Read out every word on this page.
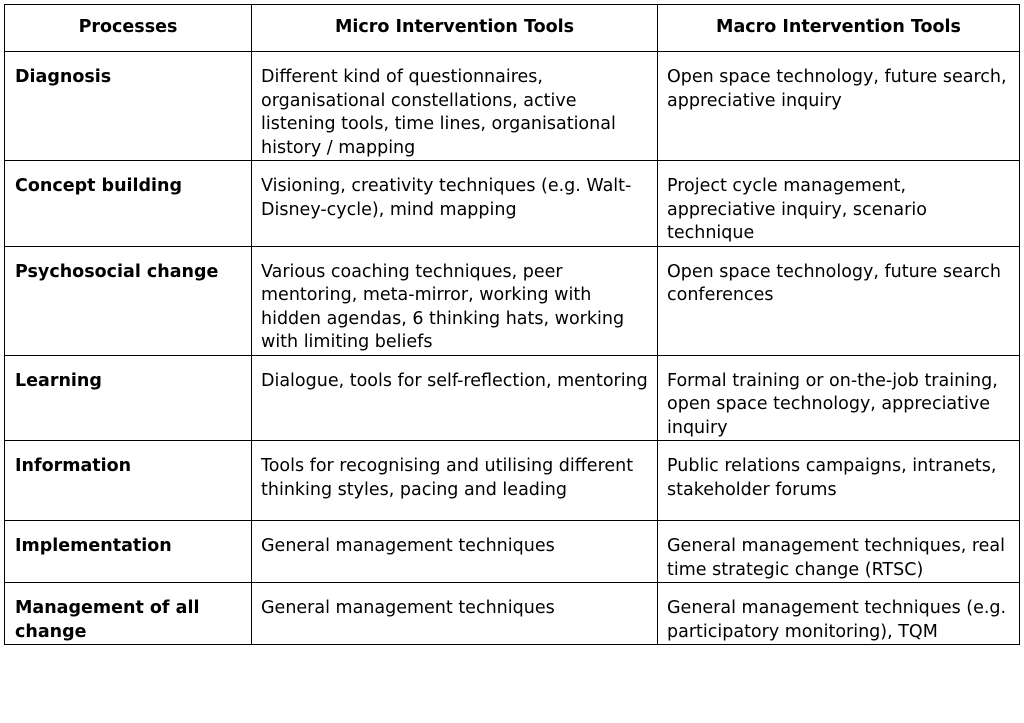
Processes	Micro Intervention Tools	Macro Intervention Tools
Diagnosis	Different kind of questionnaires, organisational constellations, active listening tools, time lines, organisational history / mapping	Open space technology, future search, appreciative inquiry
Concept building	Visioning, creativity techniques (e.g. Walt-Disney-cycle), mind mapping	Project cycle management, appreciative inquiry, scenario technique
Psychosocial change	Various coaching techniques, peer mentoring, meta-mirror, working with hidden agendas, 6 thinking hats, working with limiting beliefs	Open space technology, future search conferences
Learning	Dialogue, tools for self-reflection, mentoring	Formal training or on-the-job training, open space technology, appreciative inquiry
Information	Tools for recognising and utilising different thinking styles, pacing and leading	Public relations campaigns, intranets, stakeholder forums
Implementation	General management techniques	General management techniques, real time strategic change (RTSC)
Management of all change	General management techniques	General management techniques (e.g. participatory monitoring), TQM
